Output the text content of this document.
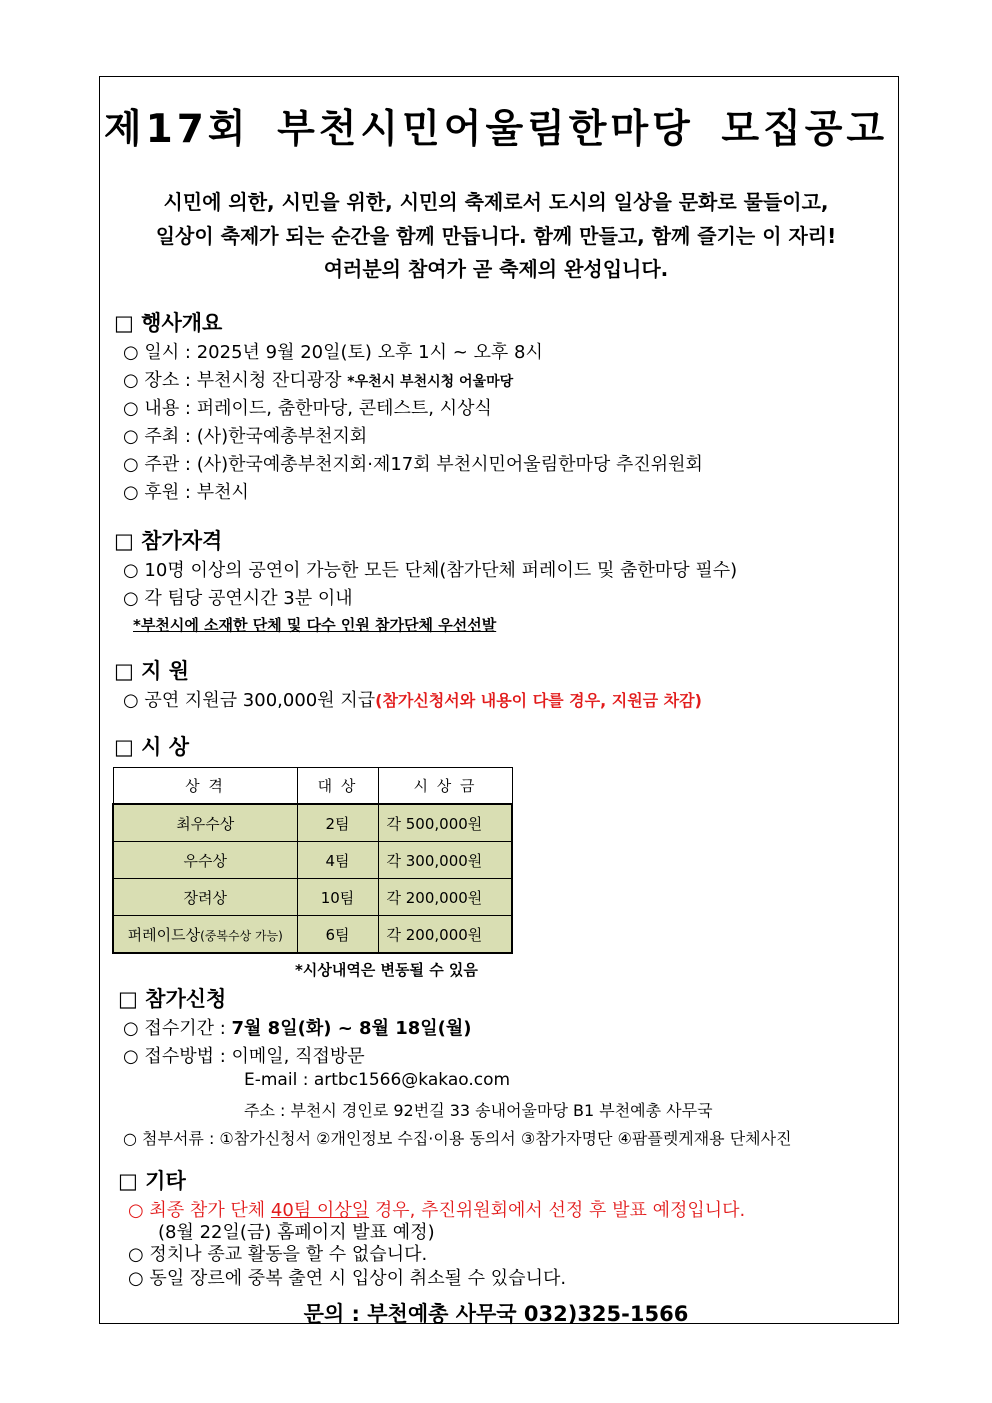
제17회 부천시민어울림한마당 모집공고
시민에 의한, 시민을 위한, 시민의 축제로서 도시의 일상을 문화로 물들이고,
일상이 축제가 되는 순간을 함께 만듭니다. 함께 만들고, 함께 즐기는 이 자리!
여러분의 참여가 곧 축제의 완성입니다.
□ 행사개요
○ 일시 : 2025년 9월 20일(토) 오후 1시 ~ 오후 8시
○ 장소 : 부천시청 잔디광장 *우천시 부천시청 어울마당
○ 내용 : 퍼레이드, 춤한마당, 콘테스트, 시상식
○ 주최 : (사)한국예총부천지회
○ 주관 : (사)한국예총부천지회·제17회 부천시민어울림한마당 추진위원회
○ 후원 : 부천시
□ 참가자격
○ 10명 이상의 공연이 가능한 모든 단체(참가단체 퍼레이드 및 춤한마당 필수)
○ 각 팀당 공연시간 3분 이내
*부천시에 소재한 단체 및 다수 인원 참가단체 우선선발
□ 지 원
○ 공연 지원금 300,000원 지급(참가신청서와 내용이 다를 경우, 지원금 차감)
□ 시 상
상 격	대 상	시 상 금
최우수상	2팀	각 500,000원
우수상	4팀	각 300,000원
장려상	10팀	각 200,000원
퍼레이드상(중복수상 가능)	6팀	각 200,000원
*시상내역은 변동될 수 있음
□ 참가신청
○ 접수기간 : 7월 8일(화) ~ 8월 18일(월)
○ 접수방법 : 이메일, 직접방문
E-mail : artbc1566@kakao.com
주소 : 부천시 경인로 92번길 33 송내어울마당 B1 부천예총 사무국
○ 첨부서류 : ①참가신청서 ②개인정보 수집·이용 동의서 ③참가자명단 ④팜플렛게재용 단체사진
□ 기타
○ 최종 참가 단체 40팀 이상일 경우, 추진위원회에서 선정 후 발표 예정입니다.
(8월 22일(금) 홈페이지 발표 예정)
○ 정치나 종교 활동을 할 수 없습니다.
○ 동일 장르에 중복 출연 시 입상이 취소될 수 있습니다.
문의 : 부천예총 사무국 032)325-1566
